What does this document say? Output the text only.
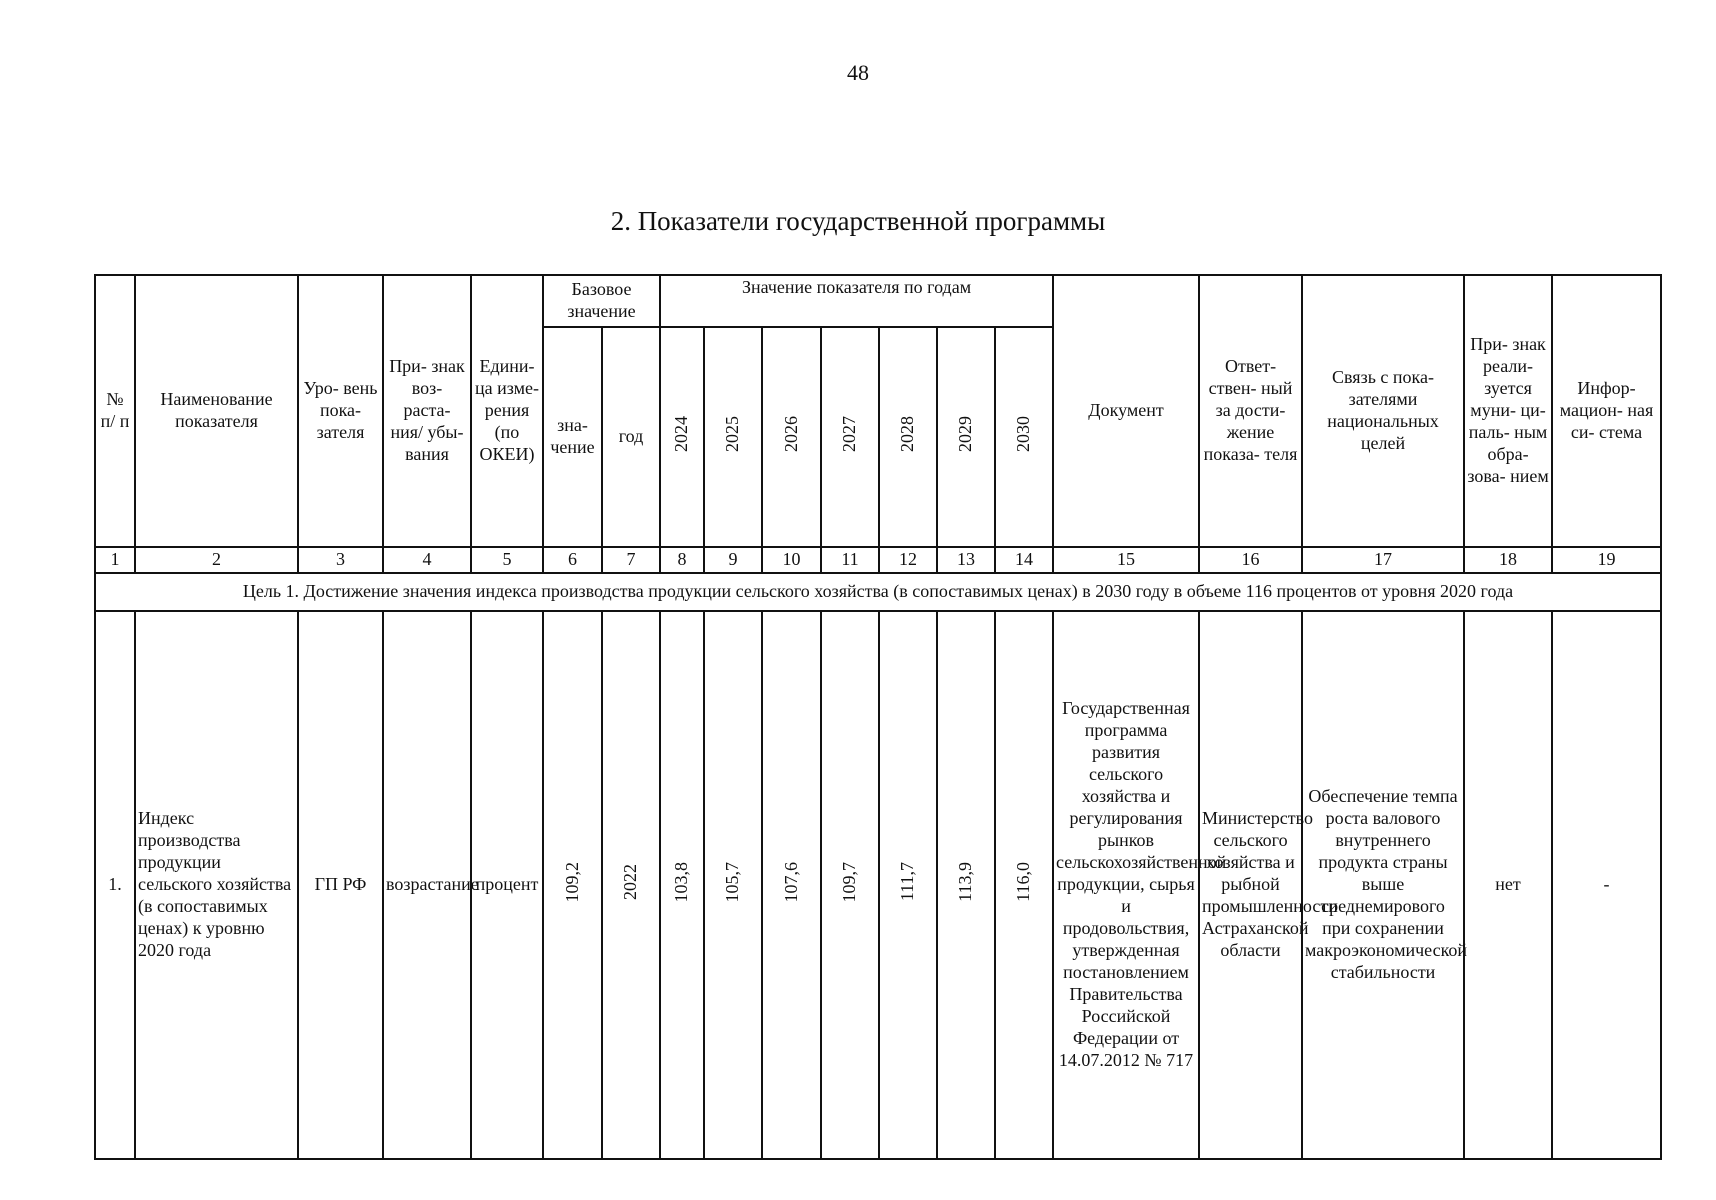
48
2. Показатели государственной программы
№ п/ п	Наименование показателя	Уро- вень пока- зателя	При- знак воз- раста- ния/ убы- вания	Едини- ца изме- рения (по ОКЕИ)	Базовое значение		Значение показателя по годам							Документ	Ответ- ствен- ный за дости- жение показа- теля	Связь с пока- зателями национальных целей	При- знак реали- зуется муни- ци- паль- ным обра- зова- нием	Инфор- мацион- ная си- стема
					зна- чение	год	2024	2025	2026	2027	2028	2029	2030					
1	2	3	4	5	6	7	8	9	10	11	12	13	14	15	16	17	18	19
Цель 1. Достижение значения индекса производства продукции сельского хозяйства (в сопоставимых ценах) в 2030 году в объеме 116 процентов от уровня 2020 года																		
1.	Индекс производства продукции сельского хозяйства (в сопоставимых ценах) к уровню 2020 года	ГП РФ	возрастание	процент	109,2	2022	103,8	105,7	107,6	109,7	111,7	113,9	116,0	Государственная программа развития сельского хозяйства и регулирования рынков сельскохозяйственной продукции, сырья и продовольствия, утвержденная постановлением Правительства Российской Федерации от 14.07.2012 № 717	Министерство сельского хозяйства и рыбной промышленности Астраханской области	Обеспечение темпа роста валового внутреннего продукта страны выше среднемирового при сохранении макроэкономической стабильности	нет	-
